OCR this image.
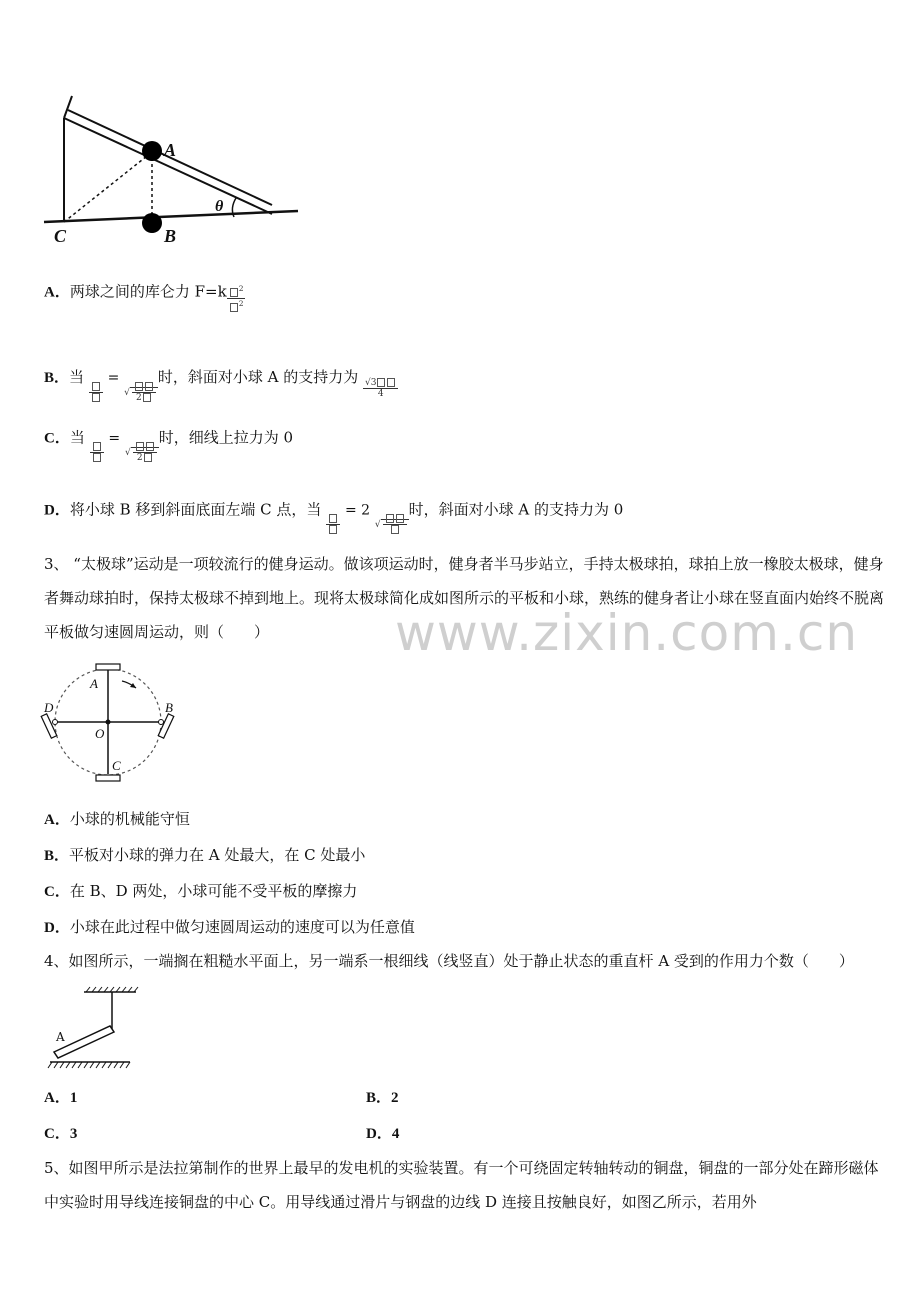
www.zixin.com.cn
A
B
C
θ
A．两球之间的库仑力 $F=k \frac{^2}{^2}$
B．当 = √ 2
时，斜面对小球 A 的支持力为
$\frac{√3}{4}$
C．当 = √ 2
时，细线上拉力为 0
D．将小球 B 移到斜面底面左端 C 点，当 = 2 √
时，斜面对小球 A 的支持力为 0
3、 “太极球”运动是一项较流行的健身运动。做该项运动时，健身者半马步站立，手持太极球拍，球拍上放一橡胶太极球，健身者舞动球拍时，保持太极球不掉到地上。现将太极球简化成如图所示的平板和小球，熟练的健身者让小球在竖直面内始终不脱离平板做匀速圆周运动，则（　　）
A
B
C
D
O
A．小球的机械能守恒
B．平板对小球的弹力在 A 处最大，在 C 处最小
C．在 B、D 两处，小球可能不受平板的摩擦力
D．小球在此过程中做匀速圆周运动的速度可以为任意值
4、如图所示，一端搁在粗糙水平面上，另一端系一根细线（线竖直）处于静止状态的重直杆 A 受到的作用力个数（　　）
A
A．1	B．2
C．3	D．4
5、如图甲所示是法拉第制作的世界上最早的发电机的实验装置。有一个可绕固定转轴转动的铜盘，铜盘的一部分处在蹄形磁体中实验时用导线连接铜盘的中心 C。用导线通过滑片与钢盘的边线 D 连接且按触良好，如图乙所示，若用外
